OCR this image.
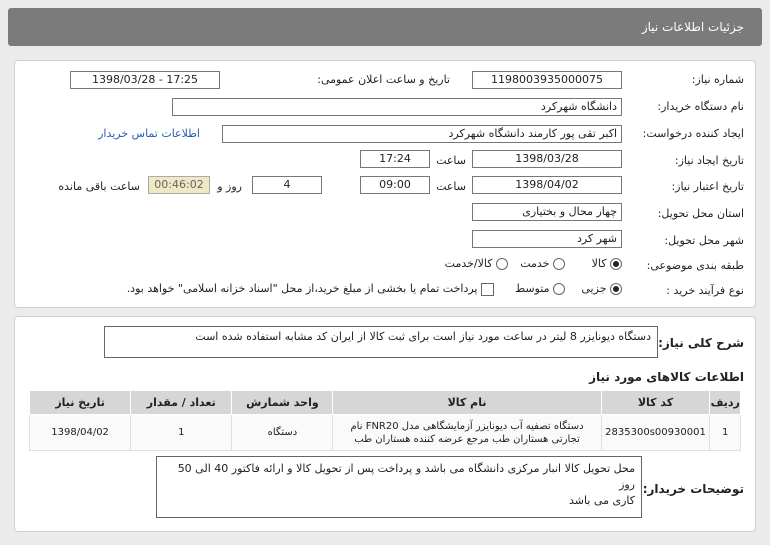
جزئیات اطلاعات نیاز
شماره نیاز:
1198003935000075
تاریخ و ساعت اعلان عمومی:
1398/03/28 - 17:25
نام دستگاه خریدار:
دانشگاه شهرکرد
ایجاد کننده درخواست:
اکبر تقی پور کارمند دانشگاه شهرکرد
اطلاعات تماس خریدار
تاریخ ایجاد نیاز:
1398/03/28
ساعت
17:24
تاریخ اعتبار نیاز:
1398/04/02
ساعت
09:00
4
روز و
00:46:02
ساعت باقی مانده
استان محل تحویل:
چهار محال و بختیاری
شهر محل تحویل:
شهر کرد
طبقه بندی موضوعی:
کالا
خدمت
کالا/خدمت
نوع فرآیند خرید :
جزیی
متوسط
پرداخت تمام یا بخشی از مبلغ خرید،از محل "اسناد خزانه اسلامی" خواهد بود.
شرح کلی نیاز:
دستگاه دیونایزر 8 لیتر در ساعت مورد نیاز است برای ثبت کالا از ایران کد مشابه استفاده شده است
اطلاعات کالاهای مورد نیاز
ردیف	کد کالا	نام کالا	واحد شمارش	تعداد / مقدار	تاریخ نیاز
1	2835300s00930001	دستگاه تصفیه آب دیونایزر آزمایشگاهی مدل FNR20 نام
تجارتی هستاران طب مرجع عرضه کننده هستاران طب	دستگاه	1	1398/04/02
توضیحات خریدار:
محل تحویل کالا انبار مرکزی دانشگاه می باشد و پرداخت پس از تحویل کالا و ارائه فاکتور 40 الی 50 روز
کاری می باشد
